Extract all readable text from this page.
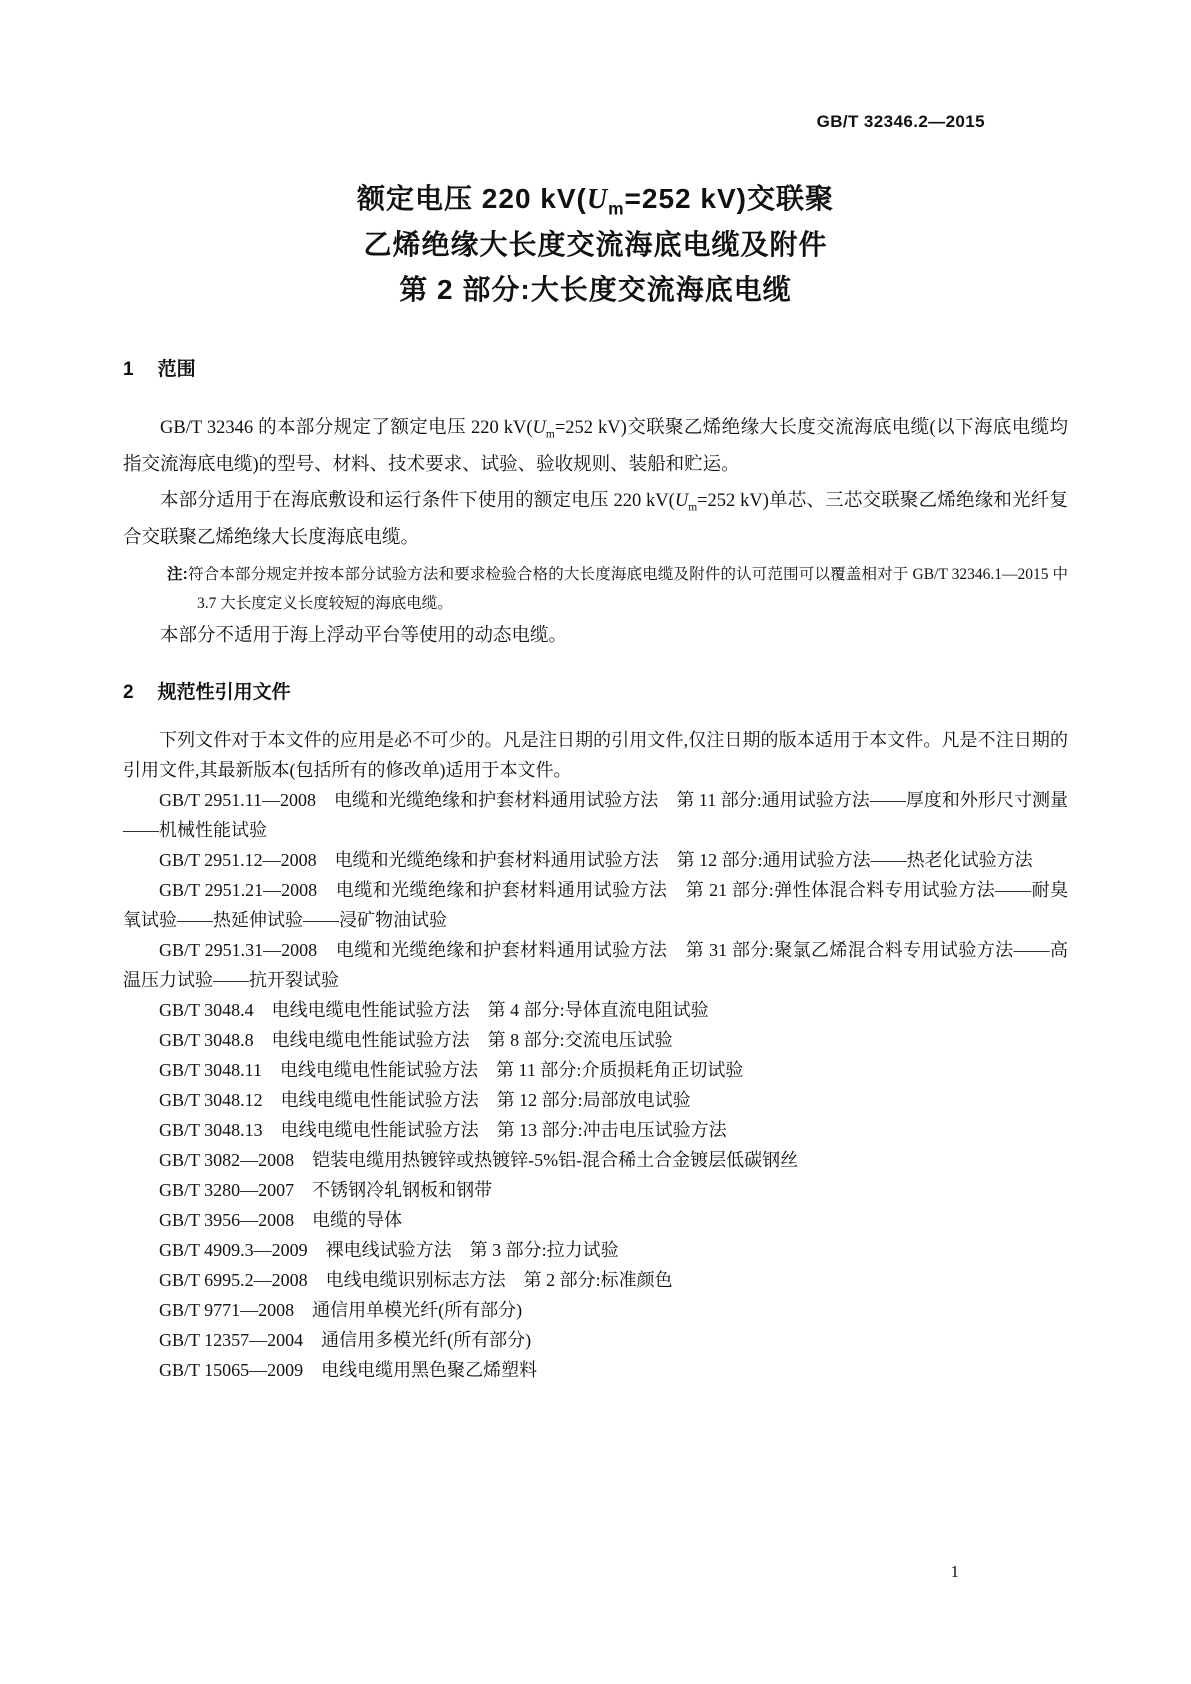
GB/T 32346.2—2015
额定电压 220 $kV(U_m=252$ kV)交联聚
乙烯绝缘大长度交流海底电缆及附件
第 2 部分:大长度交流海底电缆
1 范围

GB/T 32346 的本部分规定了额定电压 220 $kV(U_m=252$ kV)交联聚乙烯绝缘大长度交流海底电缆(以下海底电缆均指交流海底电缆)的型号、材料、技术要求、试验、验收规则、装船和贮运。

本部分适用于在海底敷设和运行条件下使用的额定电压 220 $kV(U_m=252$ kV)单芯、三芯交联聚乙烯绝缘和光纤复合交联聚乙烯绝缘大长度海底电缆。

注:符合本部分规定并按本部分试验方法和要求检验合格的大长度海底电缆及附件的认可范围可以覆盖相对于 GB/T 32346.1—2015 中 3.7 大长度定义长度较短的海底电缆。

本部分不适用于海上浮动平台等使用的动态电缆。

2 规范性引用文件

下列文件对于本文件的应用是必不可少的。凡是注日期的引用文件,仅注日期的版本适用于本文件。凡是不注日期的引用文件,其最新版本(包括所有的修改单)适用于本文件。

GB/T 2951.11—2008　电缆和光缆绝缘和护套材料通用试验方法　第 11 部分:通用试验方法——厚度和外形尺寸测量——机械性能试验

GB/T 2951.12—2008　电缆和光缆绝缘和护套材料通用试验方法　第 12 部分:通用试验方法——热老化试验方法

GB/T 2951.21—2008　电缆和光缆绝缘和护套材料通用试验方法　第 21 部分:弹性体混合料专用试验方法——耐臭氧试验——热延伸试验——浸矿物油试验

GB/T 2951.31—2008　电缆和光缆绝缘和护套材料通用试验方法　第 31 部分:聚氯乙烯混合料专用试验方法——高温压力试验——抗开裂试验

GB/T 3048.4　电线电缆电性能试验方法　第 4 部分:导体直流电阻试验

GB/T 3048.8　电线电缆电性能试验方法　第 8 部分:交流电压试验

GB/T 3048.11　电线电缆电性能试验方法　第 11 部分:介质损耗角正切试验

GB/T 3048.12　电线电缆电性能试验方法　第 12 部分:局部放电试验

GB/T 3048.13　电线电缆电性能试验方法　第 13 部分:冲击电压试验方法

GB/T 3082—2008　铠装电缆用热镀锌或热镀锌-5%铝-混合稀土合金镀层低碳钢丝

GB/T 3280—2007　不锈钢冷轧钢板和钢带

GB/T 3956—2008　电缆的导体

GB/T 4909.3—2009　裸电线试验方法　第 3 部分:拉力试验

GB/T 6995.2—2008　电线电缆识别标志方法　第 2 部分:标准颜色

GB/T 9771—2008　通信用单模光纤(所有部分)

GB/T 12357—2004　通信用多模光纤(所有部分)

GB/T 15065—2009　电线电缆用黑色聚乙烯塑料

1
